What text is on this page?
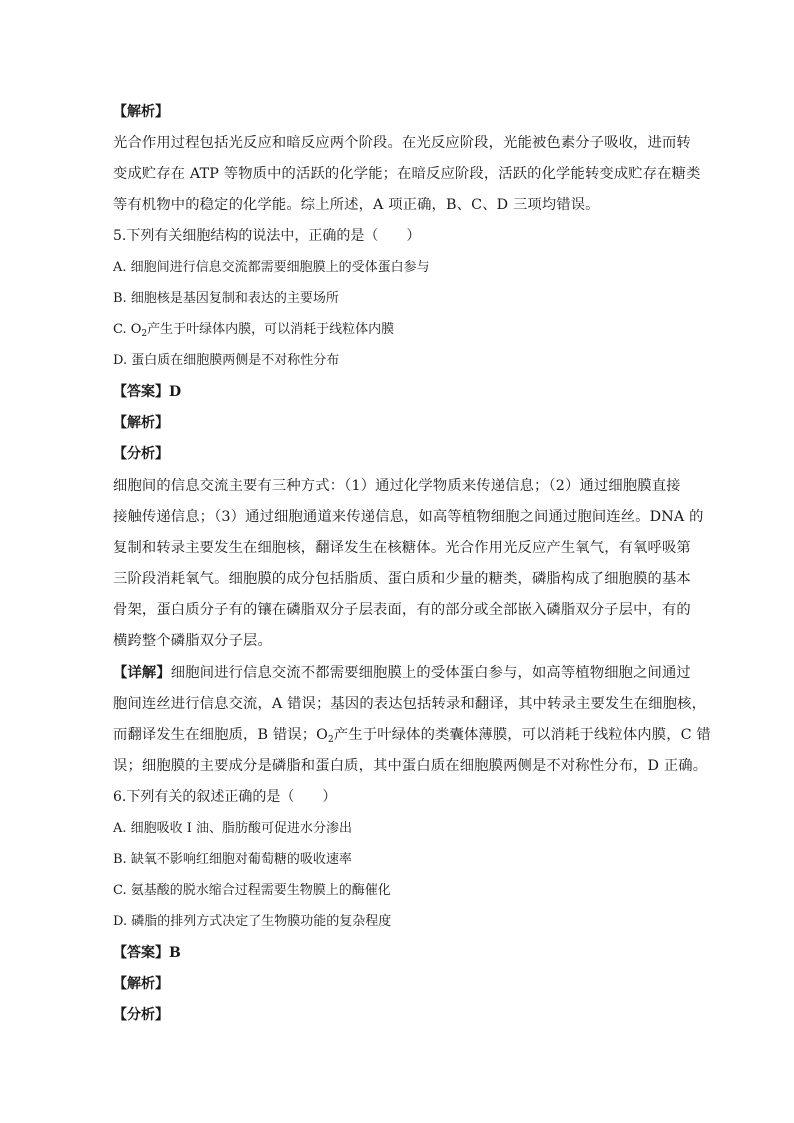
【解析】
光合作用过程包括光反应和暗反应两个阶段。在光反应阶段，光能被色素分子吸收，进而转
变成贮存在 ATP 等物质中的活跃的化学能；在暗反应阶段，活跃的化学能转变成贮存在糖类
等有机物中的稳定的化学能。综上所述，A 项正确，B、C、D 三项均错误。
5.下列有关细胞结构的说法中，正确的是（　　）
A. 细胞间进行信息交流都需要细胞膜上的受体蛋白参与
B. 细胞核是基因复制和表达的主要场所
C. $O_2$产生于叶绿体内膜，可以消耗于线粒体内膜
D. 蛋白质在细胞膜两侧是不对称性分布
【答案】D
【解析】
【分析】
细胞间的信息交流主要有三种方式：（1）通过化学物质来传递信息；（2）通过细胞膜直接
接触传递信息；（3）通过细胞通道来传递信息，如高等植物细胞之间通过胞间连丝。DNA 的
复制和转录主要发生在细胞核，翻译发生在核糖体。光合作用光反应产生氧气，有氧呼吸第
三阶段消耗氧气。细胞膜的成分包括脂质、蛋白质和少量的糖类，磷脂构成了细胞膜的基本
骨架，蛋白质分子有的镶在磷脂双分子层表面，有的部分或全部嵌入磷脂双分子层中，有的
横跨整个磷脂双分子层。
【详解】细胞间进行信息交流不都需要细胞膜上的受体蛋白参与，如高等植物细胞之间通过
胞间连丝进行信息交流，A 错误；基因的表达包括转录和翻译，其中转录主要发生在细胞核，
而翻译发生在细胞质，B 错误；$O_2$产生于叶绿体的类囊体薄膜，可以消耗于线粒体内膜，C 错
误；细胞膜的主要成分是磷脂和蛋白质，其中蛋白质在细胞膜两侧是不对称性分布，D 正确。
6.下列有关的叙述正确的是（　　）
A. 细胞吸收 I 油、脂肪酸可促进水分渗出
B. 缺氧不影响红细胞对葡萄糖的吸收速率
C. 氨基酸的脱水缩合过程需要生物膜上的酶催化
D. 磷脂的排列方式决定了生物膜功能的复杂程度
【答案】B
【解析】
【分析】
